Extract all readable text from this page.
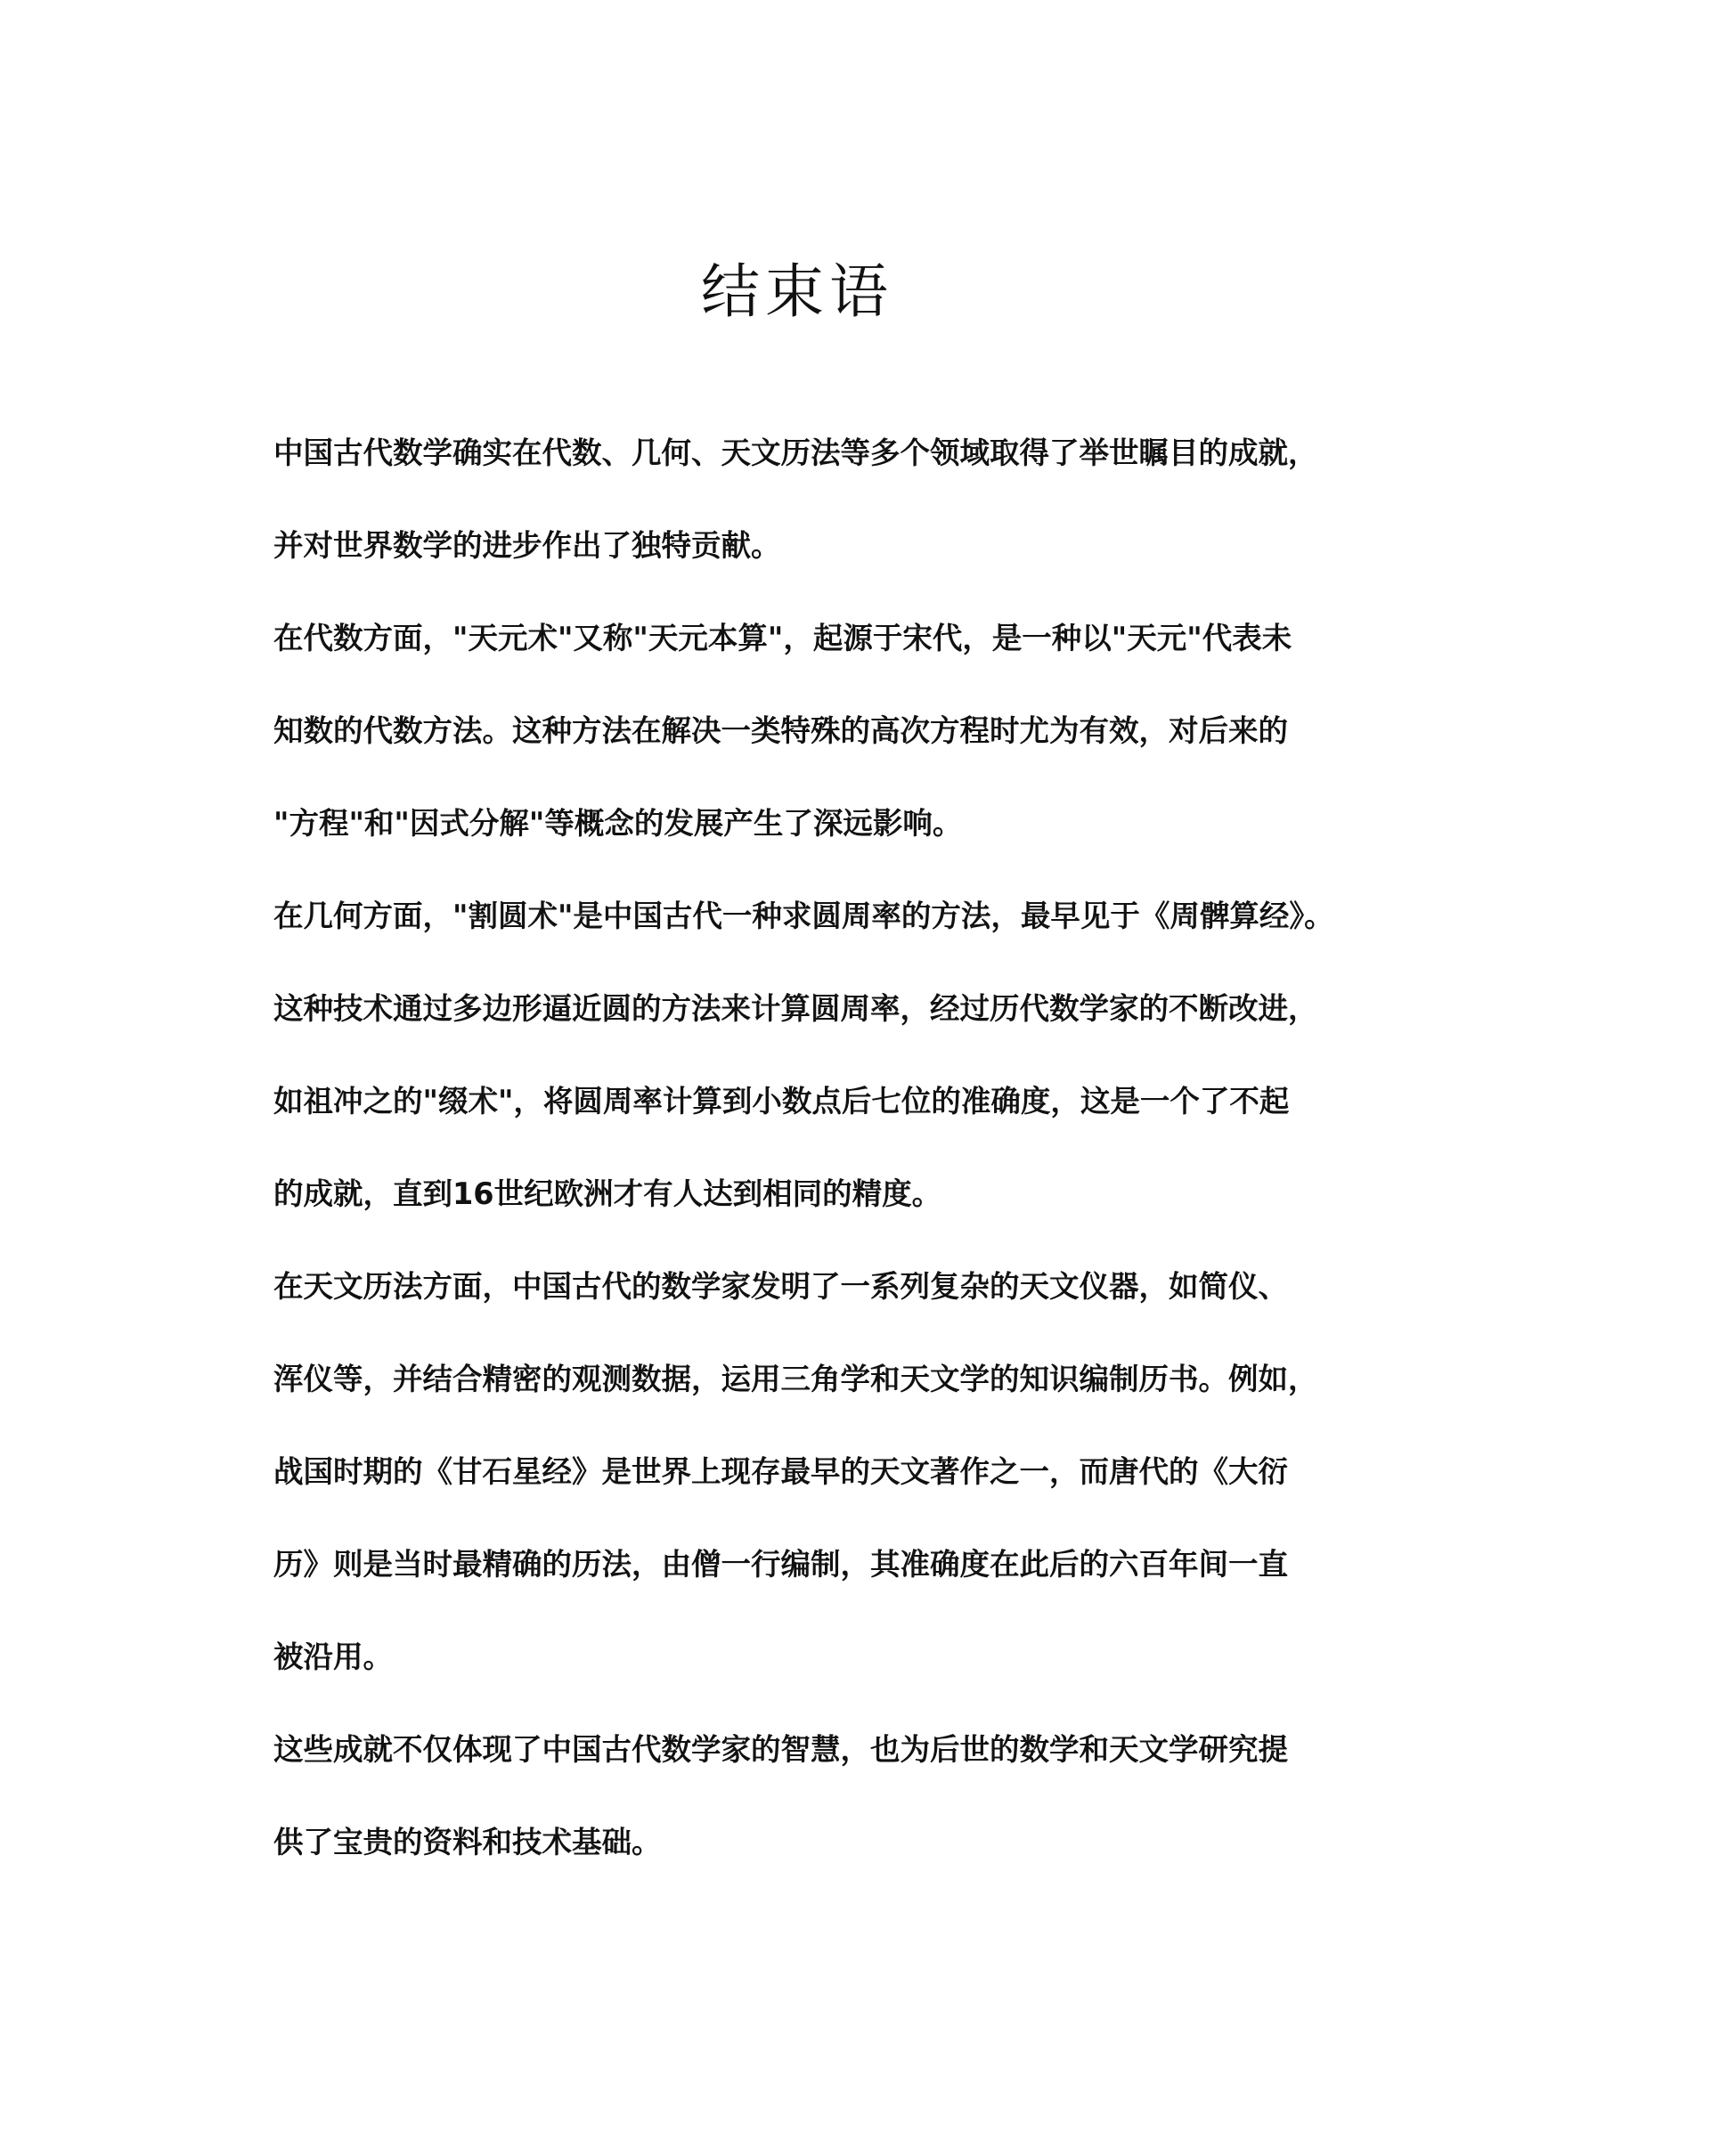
结束语
中国古代数学确实在代数、几何、天文历法等多个领域取得了举世瞩目的成就，
并对世界数学的进步作出了独特贡献。
在代数方面，"天元术"又称"天元本算"，起源于宋代，是一种以"天元"代表未
知数的代数方法。这种方法在解决一类特殊的高次方程时尤为有效，对后来的
"方程"和"因式分解"等概念的发展产生了深远影响。
在几何方面，"割圆术"是中国古代一种求圆周率的方法，最早见于《周髀算经》。
这种技术通过多边形逼近圆的方法来计算圆周率，经过历代数学家的不断改进，
如祖冲之的"缀术"，将圆周率计算到小数点后七位的准确度，这是一个了不起
的成就，直到16世纪欧洲才有人达到相同的精度。
在天文历法方面，中国古代的数学家发明了一系列复杂的天文仪器，如简仪、
浑仪等，并结合精密的观测数据，运用三角学和天文学的知识编制历书。例如，
战国时期的《甘石星经》是世界上现存最早的天文著作之一，而唐代的《大衍
历》则是当时最精确的历法，由僧一行编制，其准确度在此后的六百年间一直
被沿用。
这些成就不仅体现了中国古代数学家的智慧，也为后世的数学和天文学研究提
供了宝贵的资料和技术基础。
